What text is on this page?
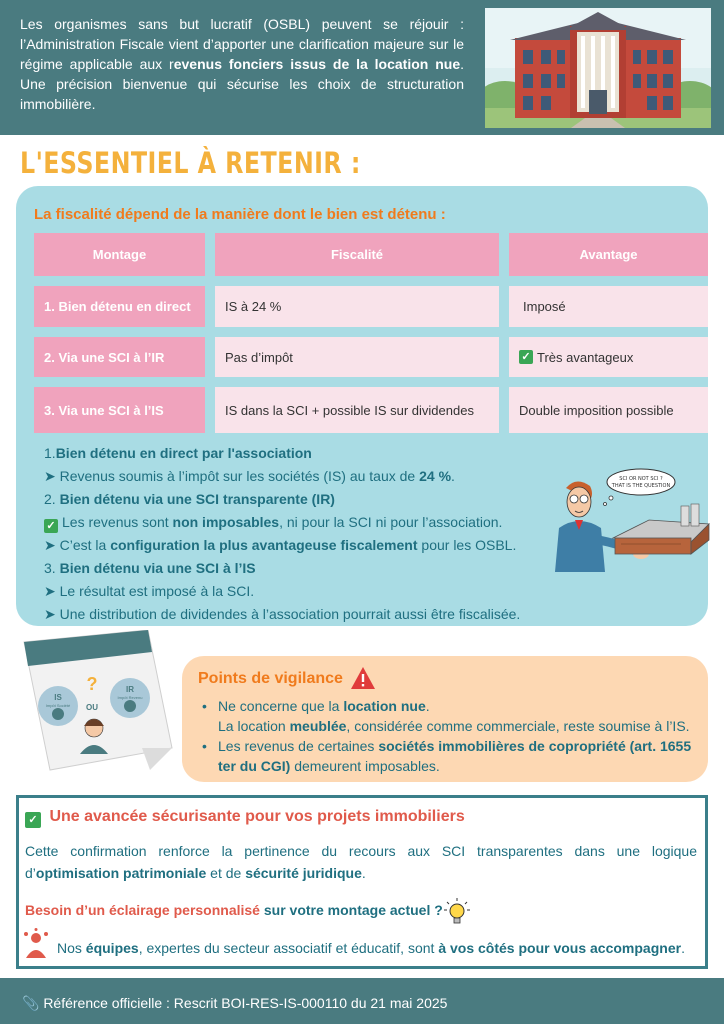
Les organismes sans but lucratif (OSBL) peuvent se réjouir : l’Administration Fiscale vient d’apporter une clarification majeure sur le régime applicable aux revenus fonciers issus de la location nue. Une précision bienvenue qui sécurise les choix de structuration immobilière.

L'ESSENTIEL À RETENIR :
La fiscalité dépend de la manière dont le bien est détenu :
Montage	Fiscalité	Avantage
1. Bien détenu en direct	IS à 24 %	Imposé
2. Via une SCI à l’IR	Pas d’impôt	✓ Très avantageux
3. Via une SCI à l’IS	IS dans la SCI + possible IS sur dividendes	Double imposition possible
1.Bien détenu en direct par l'association
➤ Revenus soumis à l’impôt sur les sociétés (IS) au taux de 24 %.
2. Bien détenu via une SCI transparente (IR)
✓ Les revenus sont non imposables, ni pour la SCI ni pour l’association.
➤ C’est la configuration la plus avantageuse fiscalement pour les OSBL.
3. Bien détenu via une SCI à l’IS
➤ Le résultat est imposé à la SCI.
➤ Une distribution de dividendes à l’association pourrait aussi être fiscalisée.
SCI OR NOT SCI ?
THAT IS THE QUESTION
IS
Impôt Société
IR
Impôt Revenu
?
OU
Points de vigilance
• Ne concerne que la location nue.
La location meublée, considérée comme commerciale, reste soumise à l’IS.
• Les revenus de certaines sociétés immobilières de copropriété (art. 1655 ter du CGI) demeurent imposables.
✓ Une avancée sécurisante pour vos projets immobiliers

Cette confirmation renforce la pertinence du recours aux SCI transparentes dans une logique d’optimisation patrimoniale et de sécurité juridique.

Besoin d’un éclairage personnalisé sur votre montage actuel ?
Nos équipes, expertes du secteur associatif et éducatif, sont à vos côtés pour vous accompagner.
📎 Référence officielle : Rescrit BOI-RES-IS-000110 du 21 mai 2025
